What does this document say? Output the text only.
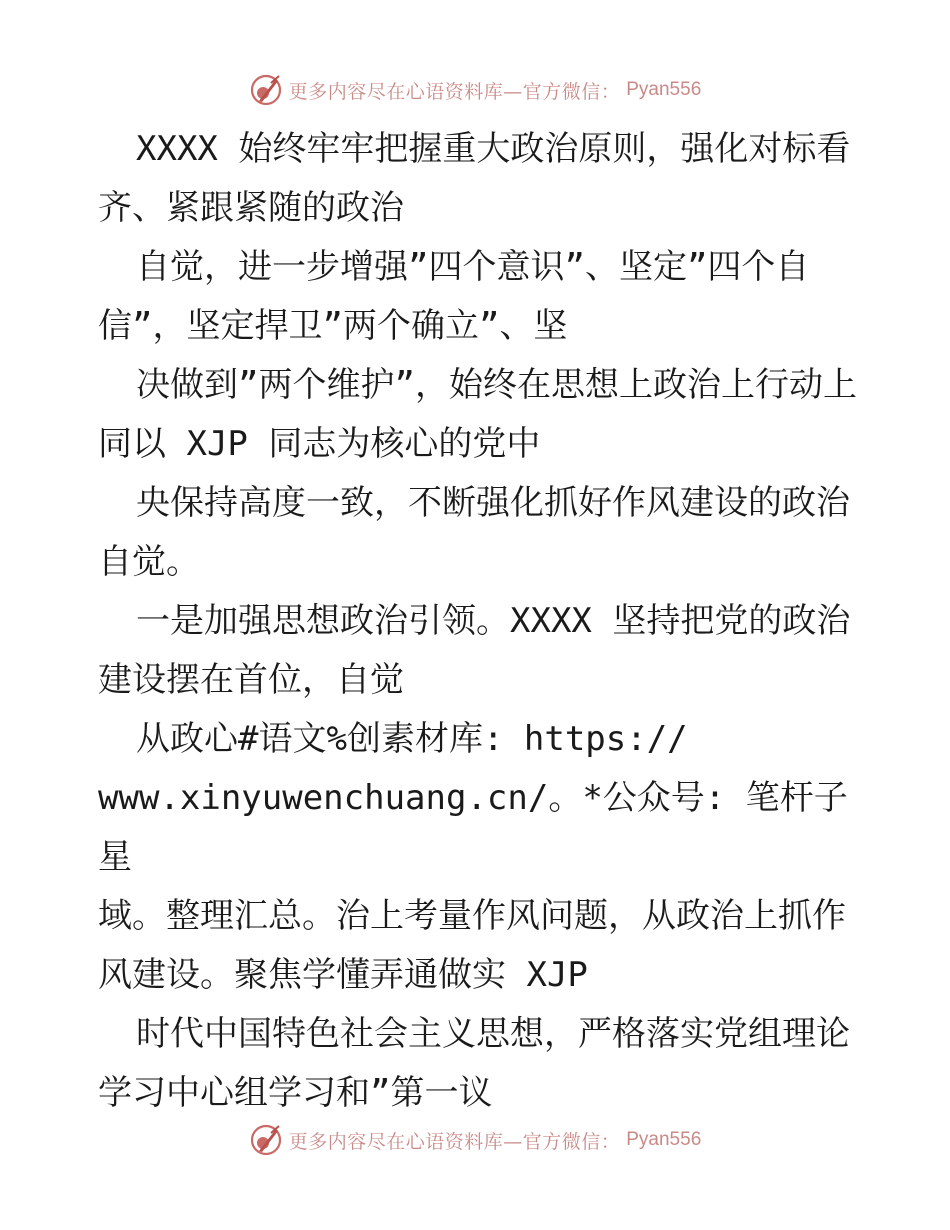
更多内容尽在心语资料库—官方微信： Pyan556

XXXX 始终牢牢把握重大政治原则，强化对标看齐、紧跟紧随的政治

自觉，进一步增强”四个意识”、坚定”四个自信”，坚定捍卫”两个确立”、坚

决做到”两个维护”，始终在思想上政治上行动上同以 XJP 同志为核心的党中

央保持高度一致，不断强化抓好作风建设的政治自觉。

一是加强思想政治引领。XXXX 坚持把党的政治建设摆在首位，自觉

从政心#语文%创素材库: https://
www.xinyuwenchuang.cn/。*公众号: 笔杆子星
域。整理汇总。治上考量作风问题，从政治上抓作风建设。聚焦学懂弄通做实 XJP

时代中国特色社会主义思想，严格落实党组理论学习中心组学习和”第一议

更多内容尽在心语资料库—官方微信： Pyan556
